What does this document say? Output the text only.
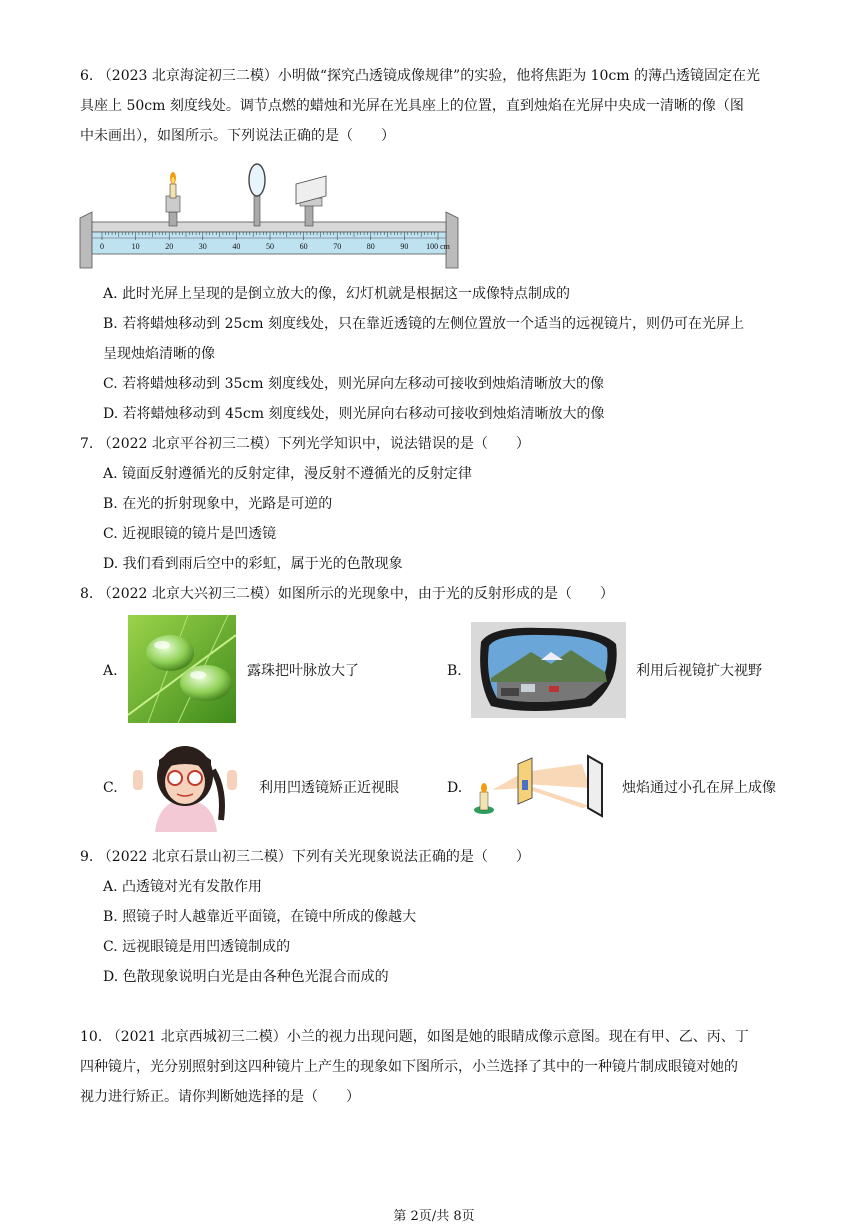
6. （2023 北京海淀初三二模）小明做“探究凸透镜成像规律”的实验，他将焦距为 10cm 的薄凸透镜固定在光
具座上 50cm 刻度线处。调节点燃的蜡烛和光屏在光具座上的位置，直到烛焰在光屏中央成一清晰的像（图
中未画出），如图所示。下列说法正确的是（　　）
0	10	20	30	40	50	60	70	80	90 100 cm
A. 此时光屏上呈现的是倒立放大的像，幻灯机就是根据这一成像特点制成的
B. 若将蜡烛移动到 25cm 刻度线处，只在靠近透镜的左侧位置放一个适当的远视镜片，则仍可在光屏上
呈现烛焰清晰的像
C. 若将蜡烛移动到 35cm 刻度线处，则光屏向左移动可接收到烛焰清晰放大的像
D. 若将蜡烛移动到 45cm 刻度线处，则光屏向右移动可接收到烛焰清晰放大的像
7. （2022 北京平谷初三二模）下列光学知识中，说法错误的是（　　）
A. 镜面反射遵循光的反射定律，漫反射不遵循光的反射定律
B. 在光的折射现象中，光路是可逆的
C. 近视眼镜的镜片是凹透镜
D. 我们看到雨后空中的彩虹，属于光的色散现象
8. （2022 北京大兴初三二模）如图所示的光现象中，由于光的反射形成的是（　　）
A.	露珠把叶脉放大了	B.	利用后视镜扩大视野
C.	利用凹透镜矫正近视眼	D.	烛焰通过小孔在屏上成像
9. （2022 北京石景山初三二模）下列有关光现象说法正确的是（　　）
A. 凸透镜对光有发散作用
B. 照镜子时人越靠近平面镜，在镜中所成的像越大
C. 远视眼镜是用凹透镜制成的
D. 色散现象说明白光是由各种色光混合而成的
10. （2021 北京西城初三二模）小兰的视力出现问题，如图是她的眼睛成像示意图。现在有甲、乙、丙、丁
四种镜片，光分别照射到这四种镜片上产生的现象如下图所示，小兰选择了其中的一种镜片制成眼镜对她的
视力进行矫正。请你判断她选择的是（　　）
第 2页/共 8页
